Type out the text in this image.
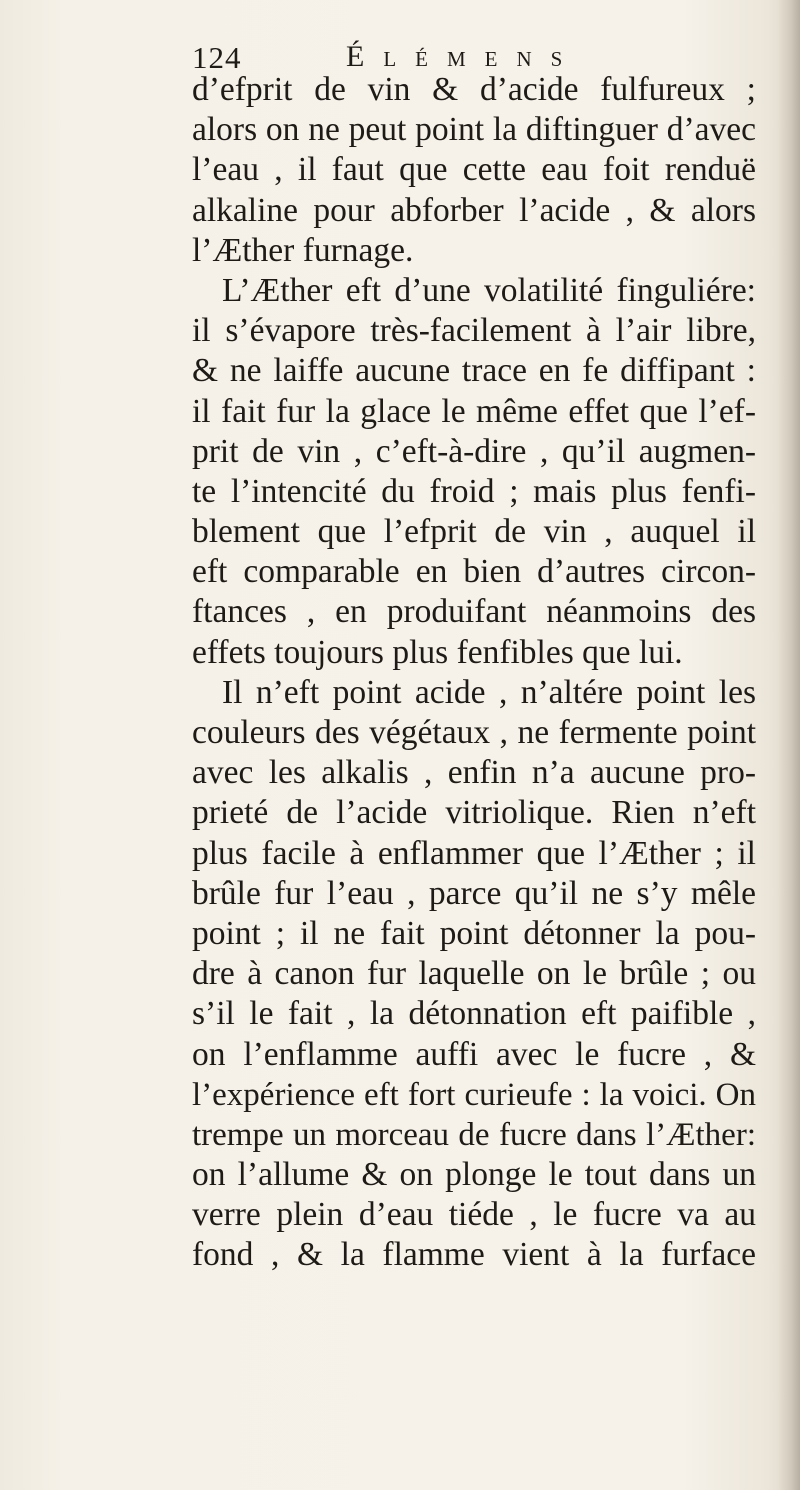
124	Élémens
d’efprit de vin & d’acide fulfureux ;
alors on ne peut point la diftinguer d’avec
l’eau , il faut que cette eau foit renduë
alkaline pour abforber l’acide , & alors
l’Æther furnage.
L’Æther eft d’une volatilité finguliére:
il s’évapore très-facilement à l’air libre,
& ne laiffe aucune trace en fe diffipant :
il fait fur la glace le même effet que l’ef-
prit de vin , c’eft-à-dire , qu’il augmen-
te l’intencité du froid ; mais plus fenfi-
blement que l’efprit de vin , auquel il
eft comparable en bien d’autres circon-
ftances , en produifant néanmoins des
effets toujours plus fenfibles que lui.
Il n’eft point acide , n’altére point les
couleurs des végétaux , ne fermente point
avec les alkalis , enfin n’a aucune pro-
prieté de l’acide vitriolique. Rien n’eft
plus facile à enflammer que l’Æther ; il
brûle fur l’eau , parce qu’il ne s’y mêle
point ; il ne fait point détonner la pou-
dre à canon fur laquelle on le brûle ; ou
s’il le fait , la détonnation eft paifible ,
on l’enflamme auffi avec le fucre , &
l’expérience eft fort curieufe : la voici. On
trempe un morceau de fucre dans l’Æther:
on l’allume & on plonge le tout dans un
verre plein d’eau tiéde , le fucre va au
fond , & la flamme vient à la furface
